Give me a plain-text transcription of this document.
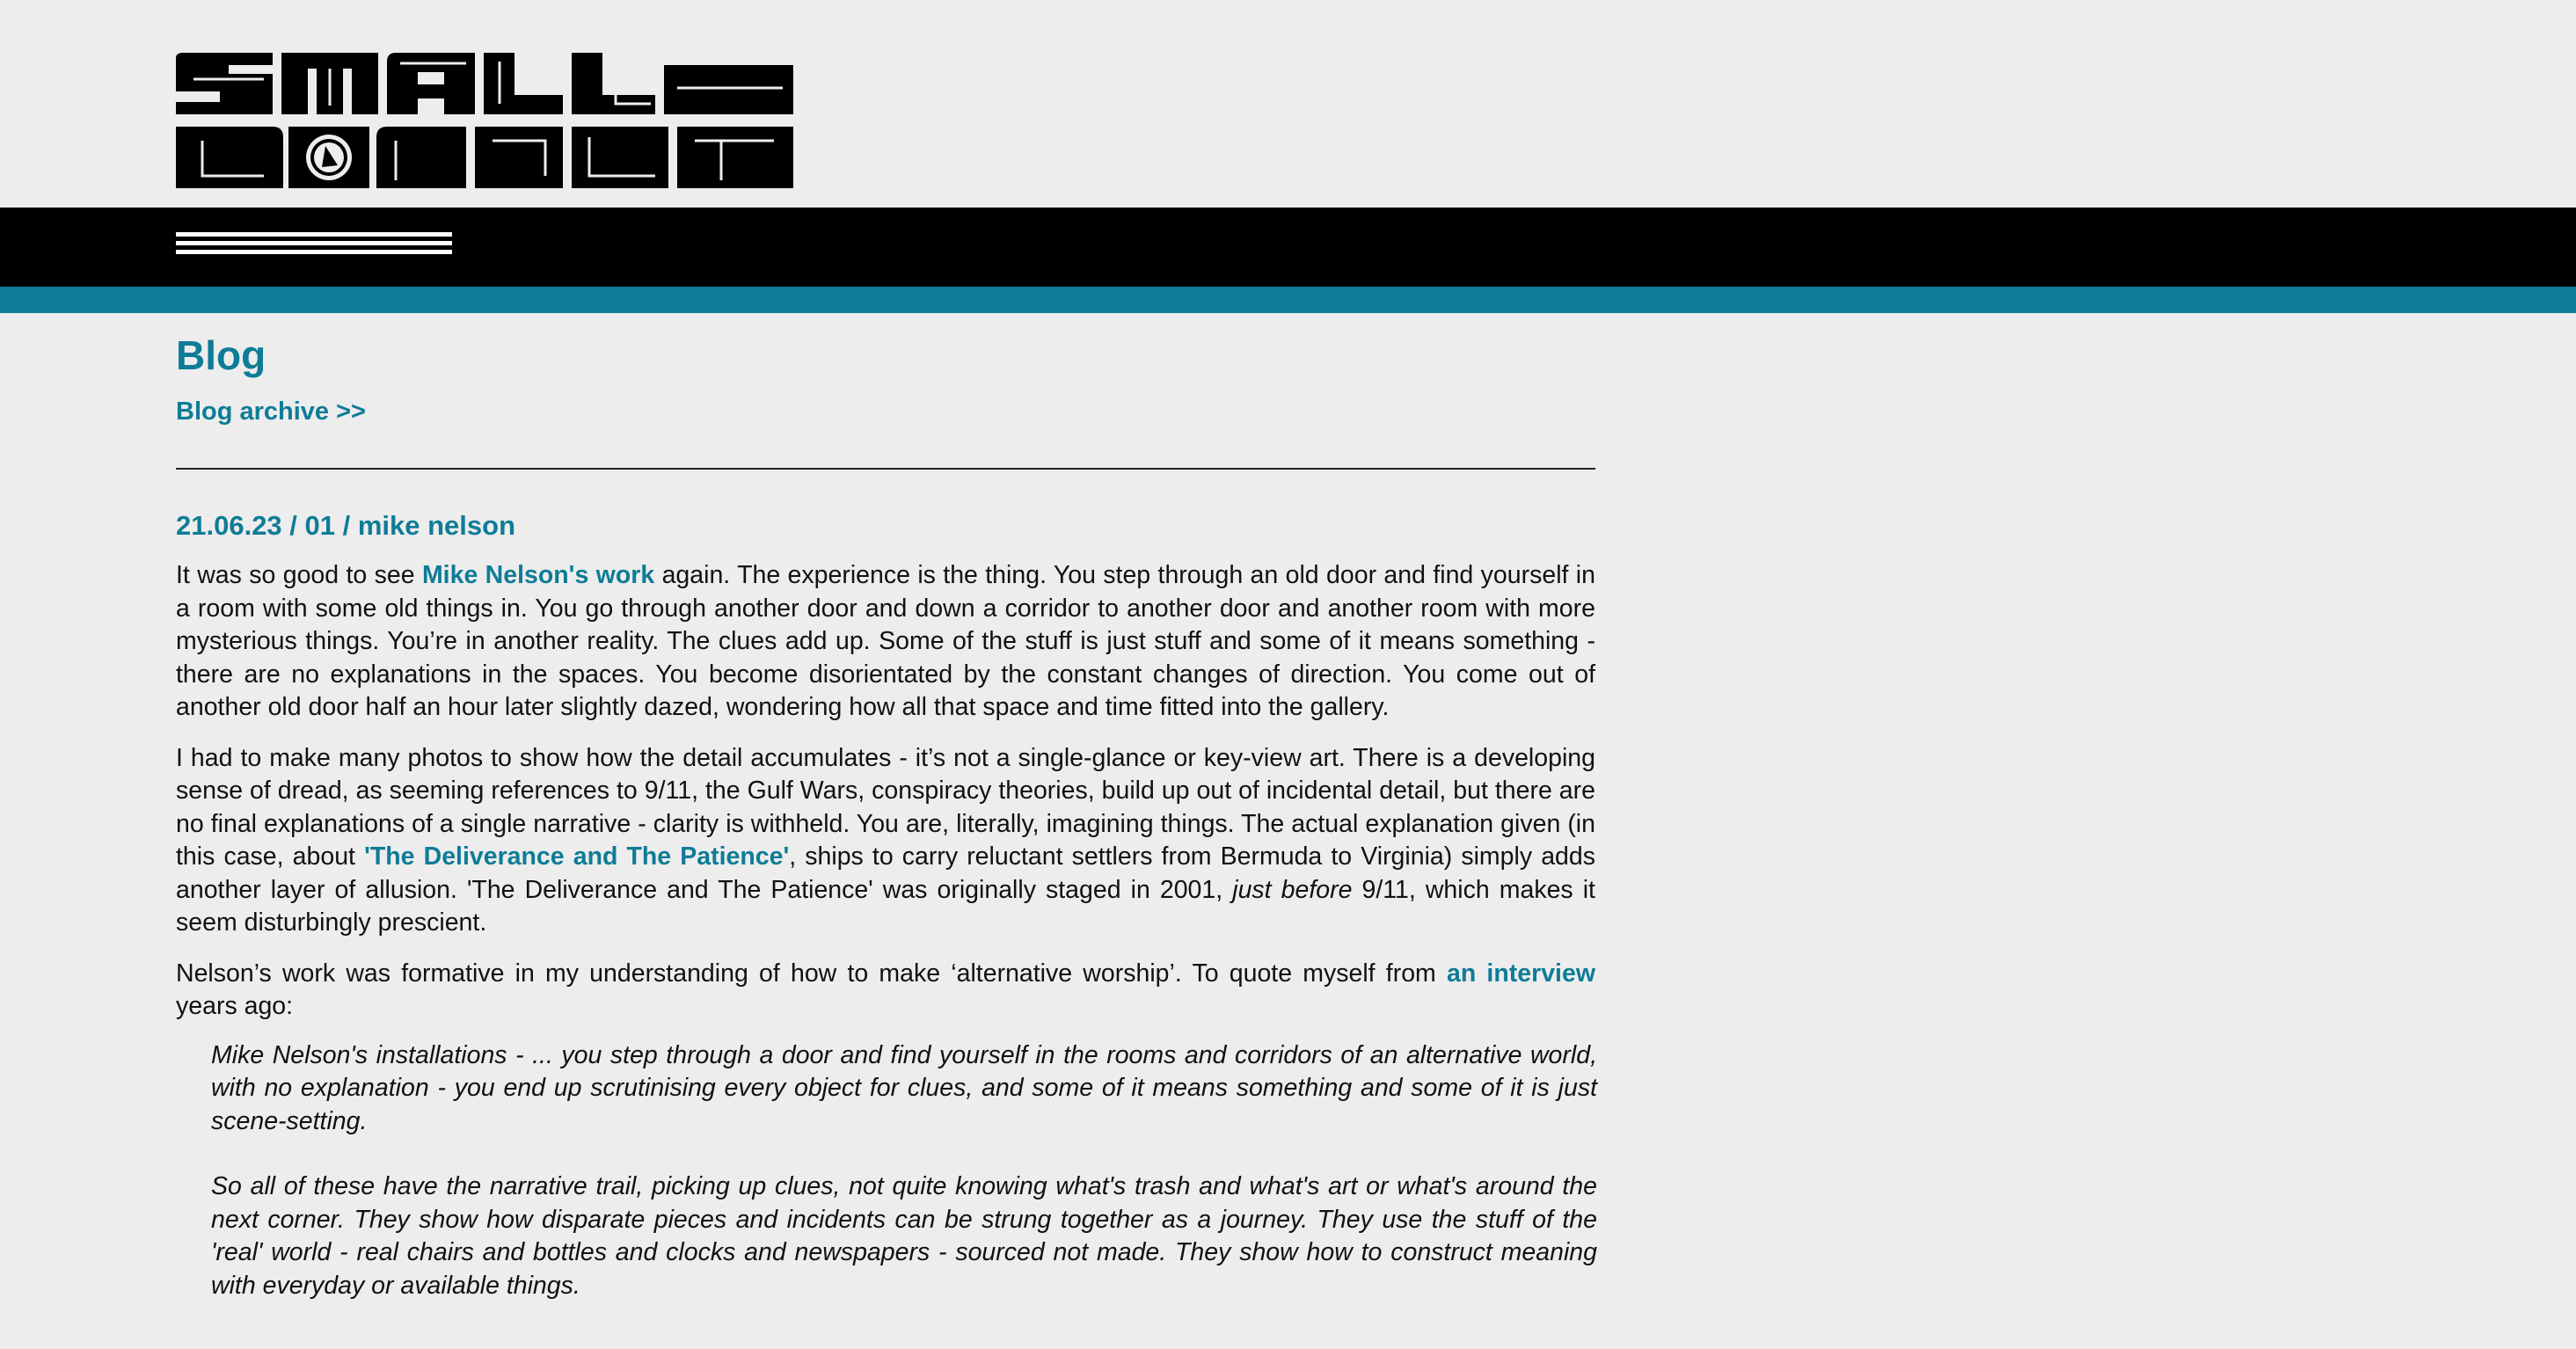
Blog
Blog archive >>
21.06.23 / 01 / mike nelson

It was so good to see Mike Nelson's work again. The experience is the thing. You step through an old door and find yourself in a room with some old things in. You go through another door and down a corridor to another door and another room with more mysterious things. You’re in another reality. The clues add up. Some of the stuff is just stuff and some of it means something - there are no explanations in the spaces. You become disorientated by the constant changes of direction. You come out of another old door half an hour later slightly dazed, wondering how all that space and time fitted into the gallery.

I had to make many photos to show how the detail accumulates - it’s not a single-glance or key-view art. There is a developing sense of dread, as seeming references to 9/11, the Gulf Wars, conspiracy theories, build up out of incidental detail, but there are no final explanations of a single narrative - clarity is withheld. You are, literally, imagining things. The actual explanation given (in this case, about 'The Deliverance and The Patience', ships to carry reluctant settlers from Bermuda to Virginia) simply adds another layer of allusion. 'The Deliverance and The Patience' was originally staged in 2001, just before 9/11, which makes it seem disturbingly prescient.

Nelson’s work was formative in my understanding of how to make ‘alternative worship’. To quote myself from an interview years ago:

Mike Nelson's installations - ... you step through a door and find yourself in the rooms and corridors of an alternative world, with no explanation - you end up scrutinising every object for clues, and some of it means something and some of it is just scene-setting.

So all of these have the narrative trail, picking up clues, not quite knowing what's trash and what's art or what's around the next corner. They show how disparate pieces and incidents can be strung together as a journey. They use the stuff of the 'real' world - real chairs and bottles and clocks and newspapers - sourced not made. They show how to construct meaning with everyday or available things.
